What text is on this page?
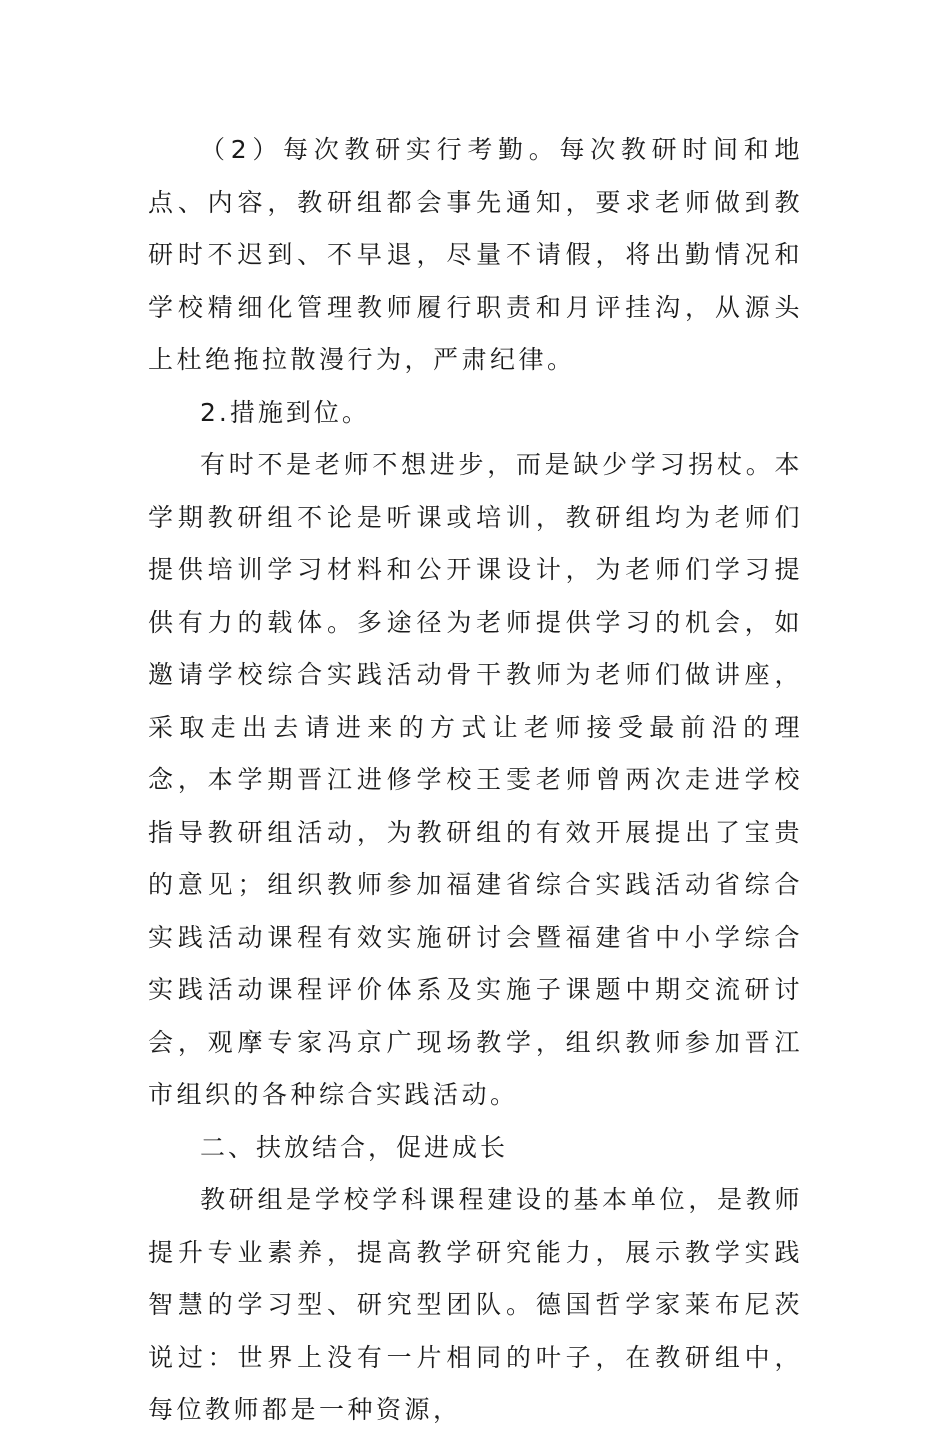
（2）每次教研实行考勤。每次教研时间和地点、内容，教研组都会事先通知，要求老师做到教研时不迟到、不早退，尽量不请假，将出勤情况和学校精细化管理教师履行职责和月评挂沟，从源头上杜绝拖拉散漫行为，严肃纪律。

2.措施到位。

有时不是老师不想进步，而是缺少学习拐杖。本学期教研组不论是听课或培训，教研组均为老师们提供培训学习材料和公开课设计，为老师们学习提供有力的载体。多途径为老师提供学习的机会，如邀请学校综合实践活动骨干教师为老师们做讲座，采取走出去请进来的方式让老师接受最前沿的理念，本学期晋江进修学校王雯老师曾两次走进学校指导教研组活动，为教研组的有效开展提出了宝贵的意见；组织教师参加福建省综合实践活动省综合实践活动课程有效实施研讨会暨福建省中小学综合实践活动课程评价体系及实施子课题中期交流研讨会，观摩专家冯京广现场教学，组织教师参加晋江市组织的各种综合实践活动。

二、扶放结合，促进成长

教研组是学校学科课程建设的基本单位，是教师提升专业素养，提高教学研究能力，展示教学实践智慧的学习型、研究型团队。德国哲学家莱布尼茨说过：世界上没有一片相同的叶子，在教研组中，每位教师都是一种资源，
